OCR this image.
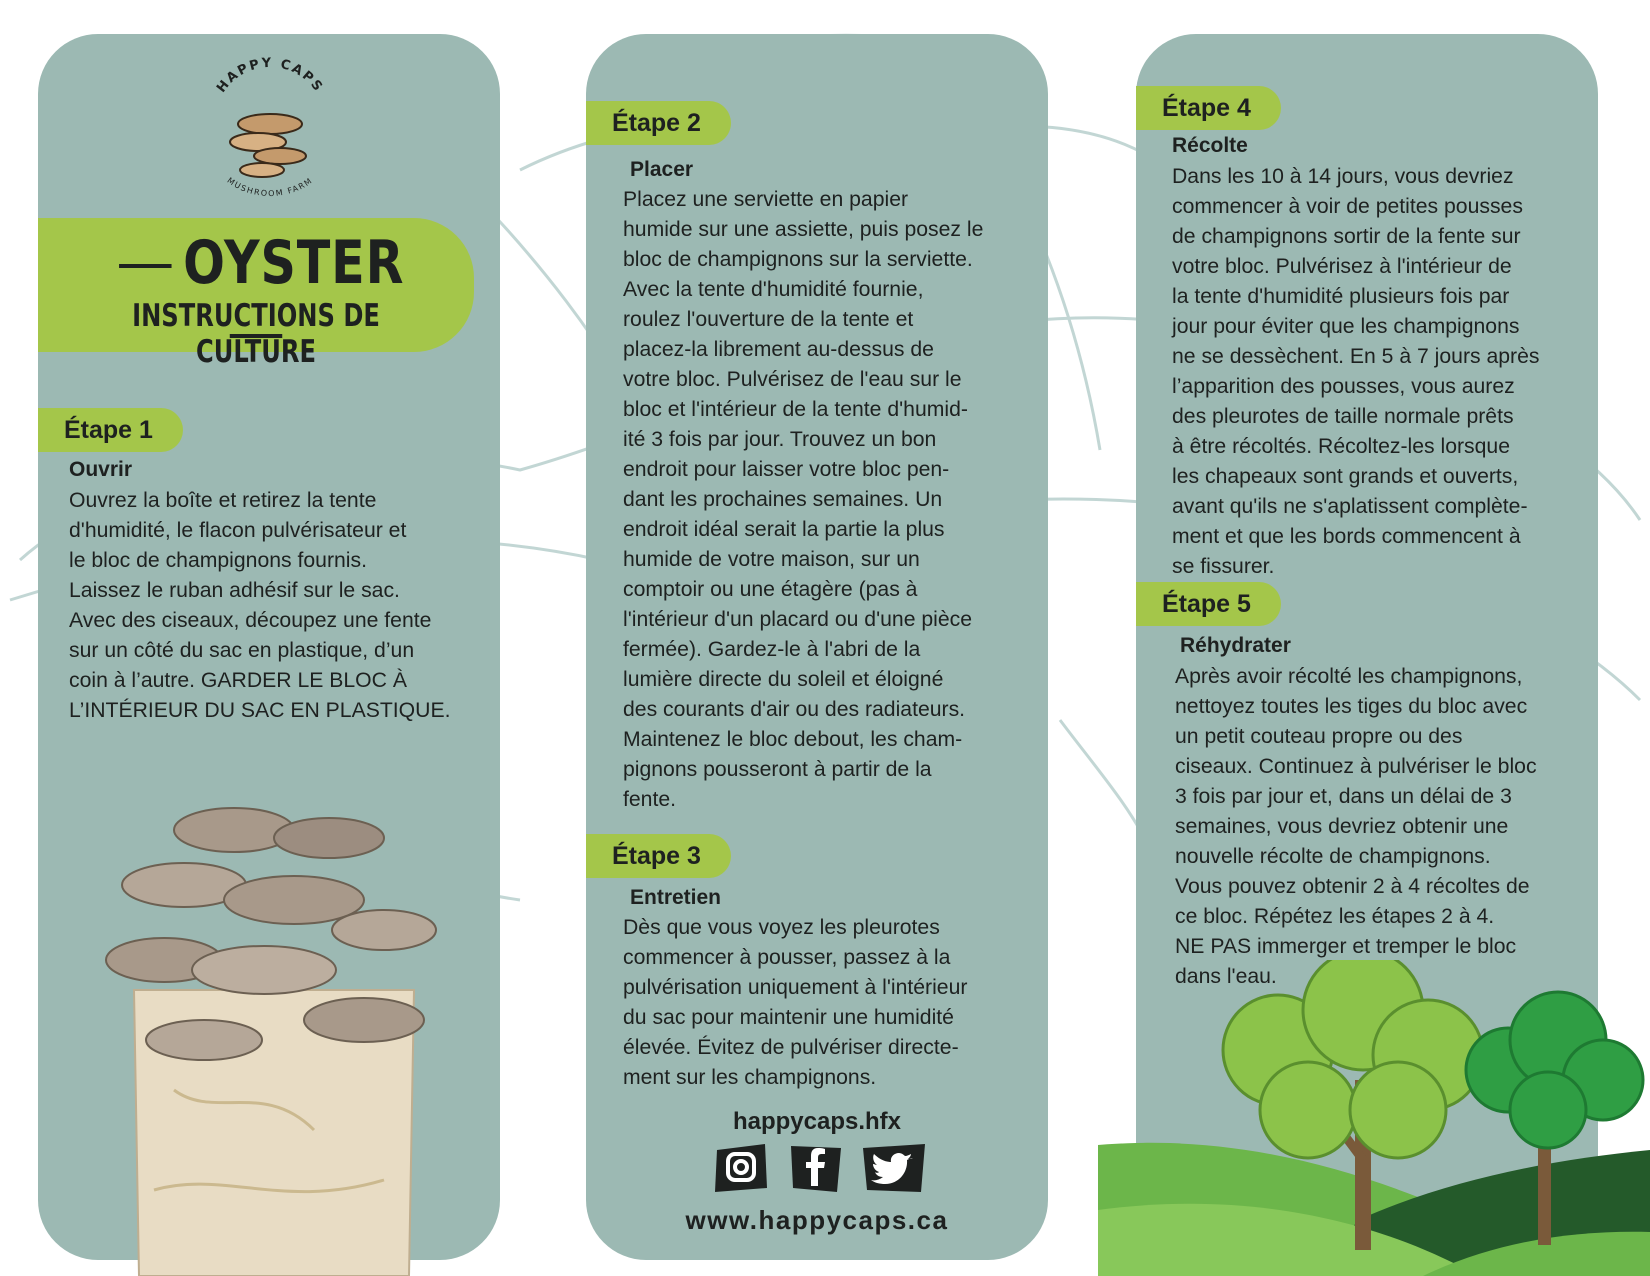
HAPPY CAPS
MUSHROOM FARM
OYSTER
INSTRUCTIONS DE CULTURE
Étape 1
Ouvrir
Ouvrez la boîte et retirez la tente
d'humidité, le flacon pulvérisateur et
le bloc de champignons fournis.
Laissez le ruban adhésif sur le sac.
Avec des ciseaux, découpez une fente
sur un côté du sac en plastique, d’un
coin à l’autre. GARDER LE BLOC À
L’INTÉRIEUR DU SAC EN PLASTIQUE.
Étape 2
Placer
Placez une serviette en papier
humide sur une assiette, puis posez le
bloc de champignons sur la serviette.
Avec la tente d'humidité fournie,
roulez l'ouverture de la tente et
placez-la librement au-dessus de
votre bloc. Pulvérisez de l'eau sur le
bloc et l'intérieur de la tente d'humid-
ité 3 fois par jour. Trouvez un bon
endroit pour laisser votre bloc pen-
dant les prochaines semaines. Un
endroit idéal serait la partie la plus
humide de votre maison, sur un
comptoir ou une étagère (pas à
l'intérieur d'un placard ou d'une pièce
fermée). Gardez-le à l'abri de la
lumière directe du soleil et éloigné
des courants d'air ou des radiateurs.
Maintenez le bloc debout, les cham-
pignons pousseront à partir de la
fente.
Étape 3
Entretien
Dès que vous voyez les pleurotes
commencer à pousser, passez à la
pulvérisation uniquement à l'intérieur
du sac pour maintenir une humidité
élevée. Évitez de pulvériser directe-
ment sur les champignons.
happycaps.hfx
www.happycaps.ca
Étape 4
Récolte
Dans les 10 à 14 jours, vous devriez
commencer à voir de petites pousses
de champignons sortir de la fente sur
votre bloc. Pulvérisez à l'intérieur de
la tente d'humidité plusieurs fois par
jour pour éviter que les champignons
ne se dessèchent. En 5 à 7 jours après
l’apparition des pousses, vous aurez
des pleurotes de taille normale prêts
à être récoltés. Récoltez-les lorsque
les chapeaux sont grands et ouverts,
avant qu'ils ne s'aplatissent complète-
ment et que les bords commencent à
se fissurer.
Étape 5
Réhydrater
Après avoir récolté les champignons,
nettoyez toutes les tiges du bloc avec
un petit couteau propre ou des
ciseaux. Continuez à pulvériser le bloc
3 fois par jour et, dans un délai de 3
semaines, vous devriez obtenir une
nouvelle récolte de champignons.
Vous pouvez obtenir 2 à 4 récoltes de
ce bloc. Répétez les étapes 2 à 4.
NE PAS immerger et tremper le bloc
dans l'eau.
